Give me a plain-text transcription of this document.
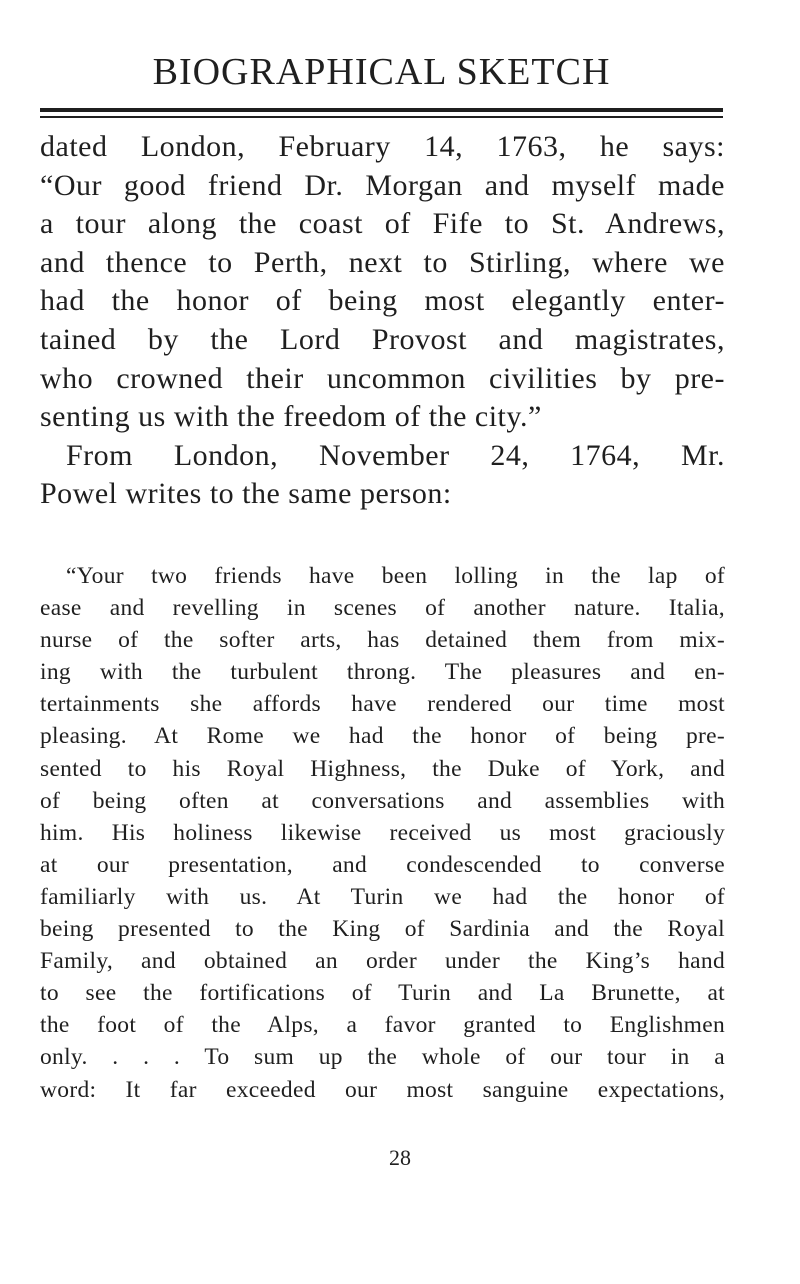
BIOGRAPHICAL SKETCH
dated London, February 14, 1763, he says:
“Our good friend Dr. Morgan and myself made
a tour along the coast of Fife to St. Andrews,
and thence to Perth, next to Stirling, where we
had the honor of being most elegantly enter-
tained by the Lord Provost and magistrates,
who crowned their uncommon civilities by pre-
senting us with the freedom of the city.”
From London, November 24, 1764, Mr.
Powel writes to the same person:
“Your two friends have been lolling in the lap of
ease and revelling in scenes of another nature. Italia,
nurse of the softer arts, has detained them from mix-
ing with the turbulent throng. The pleasures and en-
tertainments she affords have rendered our time most
pleasing. At Rome we had the honor of being pre-
sented to his Royal Highness, the Duke of York, and
of being often at conversations and assemblies with
him. His holiness likewise received us most graciously
at our presentation, and condescended to converse
familiarly with us. At Turin we had the honor of
being presented to the King of Sardinia and the Royal
Family, and obtained an order under the King’s hand
to see the fortifications of Turin and La Brunette, at
the foot of the Alps, a favor granted to Englishmen
only. . . . To sum up the whole of our tour in a
word: It far exceeded our most sanguine expectations,
28
